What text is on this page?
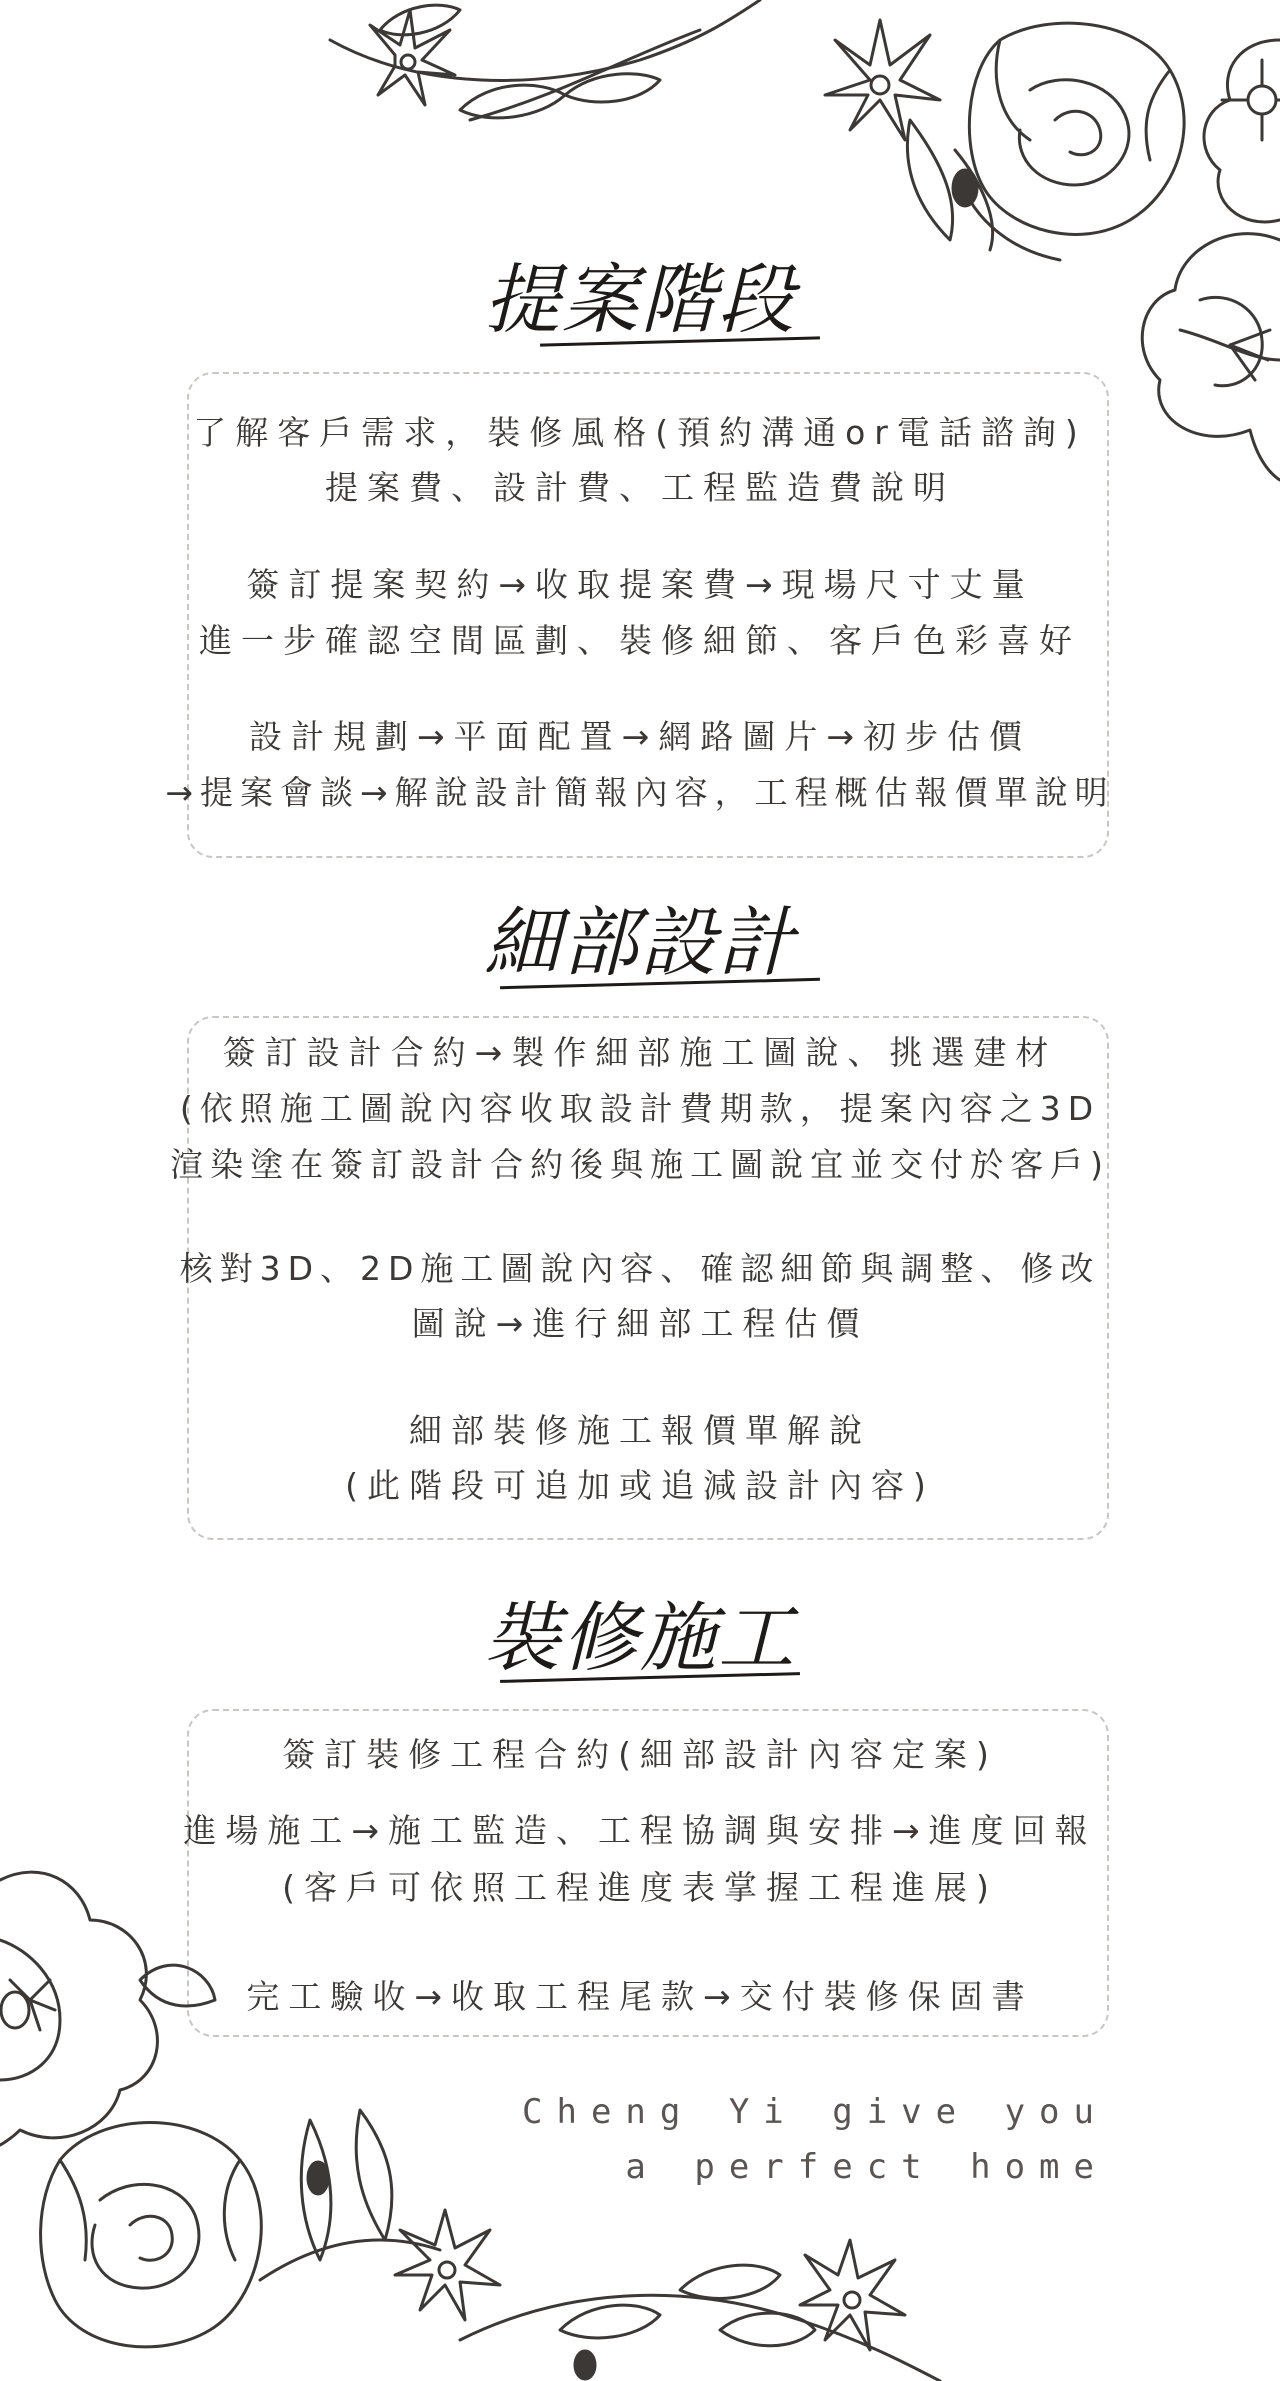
提案階段
了解客戶需求，裝修風格(預約溝通or電話諮詢)
提案費、設計費、工程監造費說明
簽訂提案契約→收取提案費→現場尺寸丈量
進一步確認空間區劃、裝修細節、客戶色彩喜好
設計規劃→平面配置→網路圖片→初步估價
→提案會談→解說設計簡報內容，工程概估報價單說明
細部設計
簽訂設計合約→製作細部施工圖說、挑選建材
(依照施工圖說內容收取設計費期款，提案內容之3D
渲染塗在簽訂設計合約後與施工圖說宜並交付於客戶)
核對3D、2D施工圖說內容、確認細節與調整、修改
圖說→進行細部工程估價
細部裝修施工報價單解說
(此階段可追加或追減設計內容)
裝修施工
簽訂裝修工程合約(細部設計內容定案)
進場施工→施工監造、工程協調與安排→進度回報
(客戶可依照工程進度表掌握工程進展)
完工驗收→收取工程尾款→交付裝修保固書
Cheng Yi give you
a perfect home
